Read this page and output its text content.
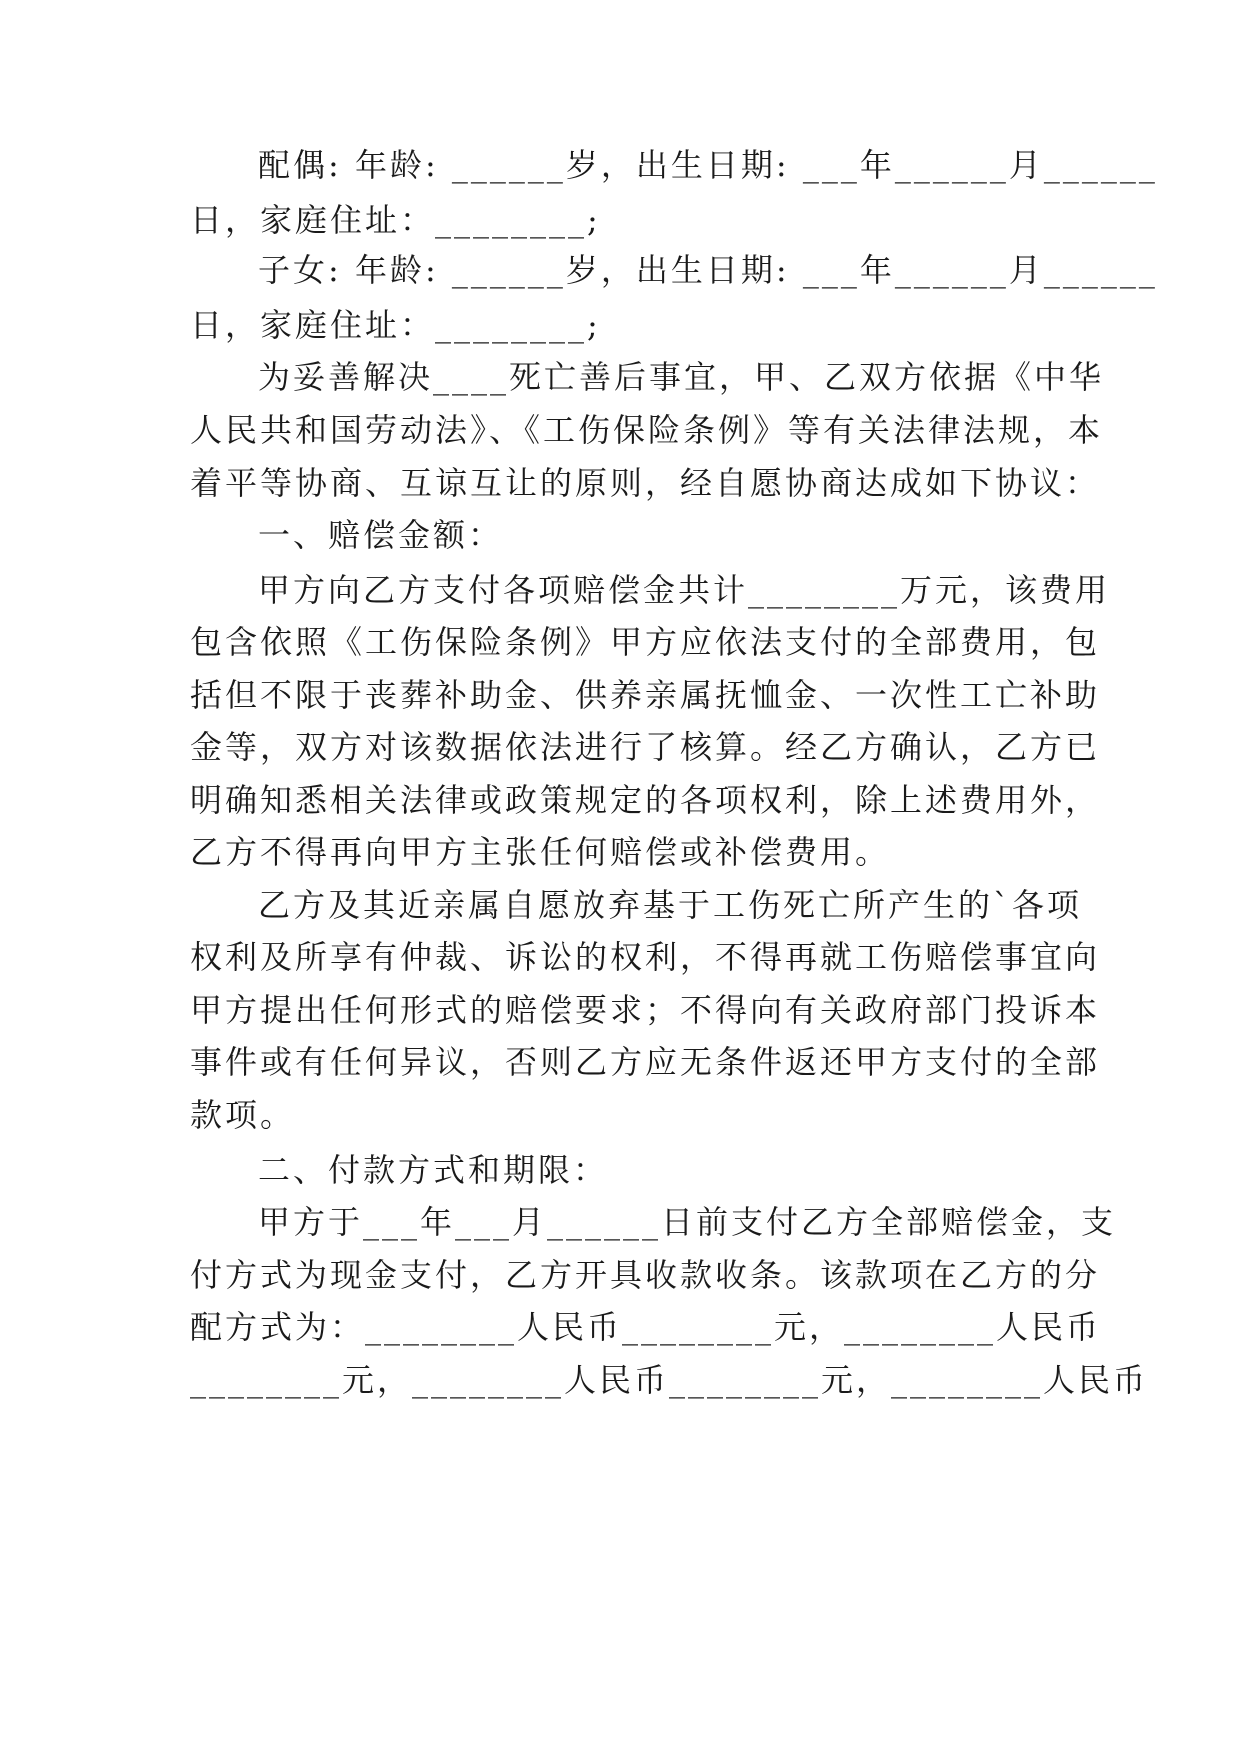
配偶: 年龄: ______岁，出生日期: ___年______月______
日，家庭住址：________;
子女: 年龄: ______岁，出生日期: ___年______月______
日，家庭住址：________;
为妥善解决____死亡善后事宜，甲、乙双方依据《中华
人民共和国劳动法》、《工伤保险条例》等有关法律法规，本
着平等协商、互谅互让的原则，经自愿协商达成如下协议：
一、赔偿金额：
甲方向乙方支付各项赔偿金共计________万元，该费用
包含依照《工伤保险条例》甲方应依法支付的全部费用，包
括但不限于丧葬补助金、供养亲属抚恤金、一次性工亡补助
金等，双方对该数据依法进行了核算。经乙方确认，乙方已
明确知悉相关法律或政策规定的各项权利，除上述费用外，
乙方不得再向甲方主张任何赔偿或补偿费用。
乙方及其近亲属自愿放弃基于工伤死亡所产生的`各项
权利及所享有仲裁、诉讼的权利，不得再就工伤赔偿事宜向
甲方提出任何形式的赔偿要求；不得向有关政府部门投诉本
事件或有任何异议，否则乙方应无条件返还甲方支付的全部
款项。
二、付款方式和期限：
甲方于___年___月______日前支付乙方全部赔偿金，支
付方式为现金支付，乙方开具收款收条。该款项在乙方的分
配方式为：________人民币________元，________人民币
________元，________人民币________元，________人民币
